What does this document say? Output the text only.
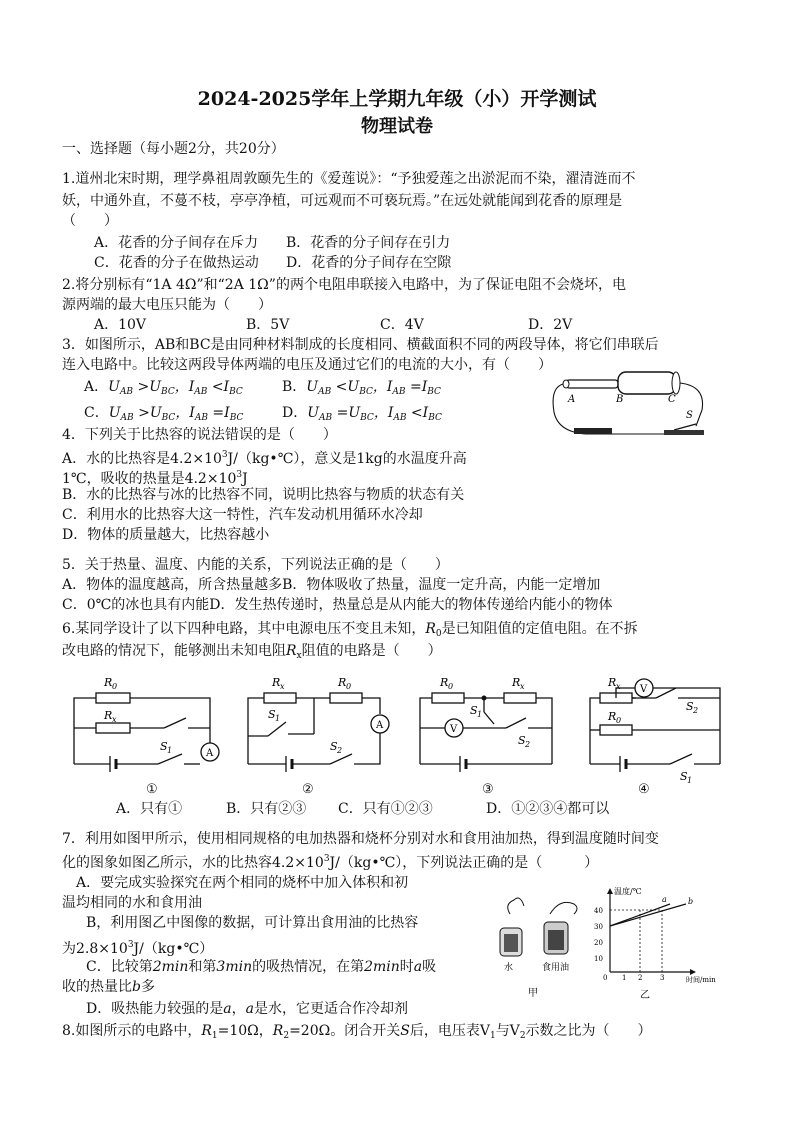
2024-2025学年上学期九年级（小）开学测试
物理试卷
一、选择题（每小题2分，共20分）
1.道州北宋时期，理学鼻祖周敦颐先生的《爱莲说》：“予独爱莲之出淤泥而不染，濯清涟而不
妖，中通外直，不蔓不枝，亭亭净植，可远观而不可亵玩焉。”在远处就能闻到花香的原理是
（　　）
A．花香的分子间存在斥力 B．花香的分子间存在引力
C．花香的分子在做热运动 D．花香的分子间存在空隙
2.将分别标有“1A 4Ω”和“2A 1Ω”的两个电阻串联接入电路中，为了保证电阻不会烧坏，电
源两端的最大电压只能为（　　）
A．10V	B．5V	C．4V	D．2V
3．如图所示，AB和BC是由同种材料制成的长度相同、横截面积不同的两段导体，将它们串联后
连入电路中。比较这两段导体两端的电压及通过它们的电流的大小，有（　　）
A．$U_{AB} >U_{BC}$，$I_{AB} <I_{BC}$	B．$U_{AB} <U_{BC}$，$I_{AB} =I_{BC}$
C．$U_{AB} >U_{BC}$，$I_{AB} =I_{BC}$	D．$U_{AB} =U_{BC}$，$I_{AB} <I_{BC}$
A	B	C
S
4．下列关于比热容的说法错误的是（　　）
A．水的比热容是$4.2\times 10^3J/(kg•℃)$，意义是1kg的水温度升高
1℃，吸收的热量是$4.2\times 10^3J$
B．水的比热容与冰的比热容不同，说明比热容与物质的状态有关
C．利用水的比热容大这一特性，汽车发动机用循环水冷却
D．物体的质量越大，比热容越小
5．关于热量、温度、内能的关系，下列说法正确的是（　　）
A．物体的温度越高，所含热量越多B．物体吸收了热量，温度一定升高，内能一定增加
C．0℃的冰也具有内能D．发生热传递时，热量总是从内能大的物体传递给内能小的物体
6.某同学设计了以下四种电路，其中电源电压不变且未知，$R_0$是已知阻值的定值电阻。在不拆
改电路的情况下，能够测出未知电阻$R_x$阻值的电路是（　　）
A
R 0
R x
S 1
A
R x	R 0
S 1
S 2
V
R 0	R x
S 1
S 2
V
R x
R 0
S 2
S 1
①	②	③	④
A．只有①	B．只有②③ C．只有①②③	D．①②③④都可以
7．利用如图甲所示，使用相同规格的电加热器和烧杯分别对水和食用油加热，得到温度随时间变
化的图象如图乙所示，水的比热容$4.2\times 10^3J/(kg•℃)$，下列说法正确的是（　　　）
A．要完成实验探究在两个相同的烧杯中加入体积和初
温均相同的水和食用油
B，利用图乙中图像的数据，可计算出食用油的比热容
为$2.8\times 10^3J/(kg•℃)$
C．比较第2min和第3min的吸热情况，在第2min时a吸
收的热量比b多
D．吸热能力较强的是a，a是水，它更适合作冷却剂
水	食用油
甲
40
30
20
10
0 1 2	3
温度/℃
时间/min
a	b
乙
8.如图所示的电路中，$R_1=10\Omega$，$R_2=20\Omega$。闭合开关S后，电压表$V_1$与$V_2$示数之比为（　　）
